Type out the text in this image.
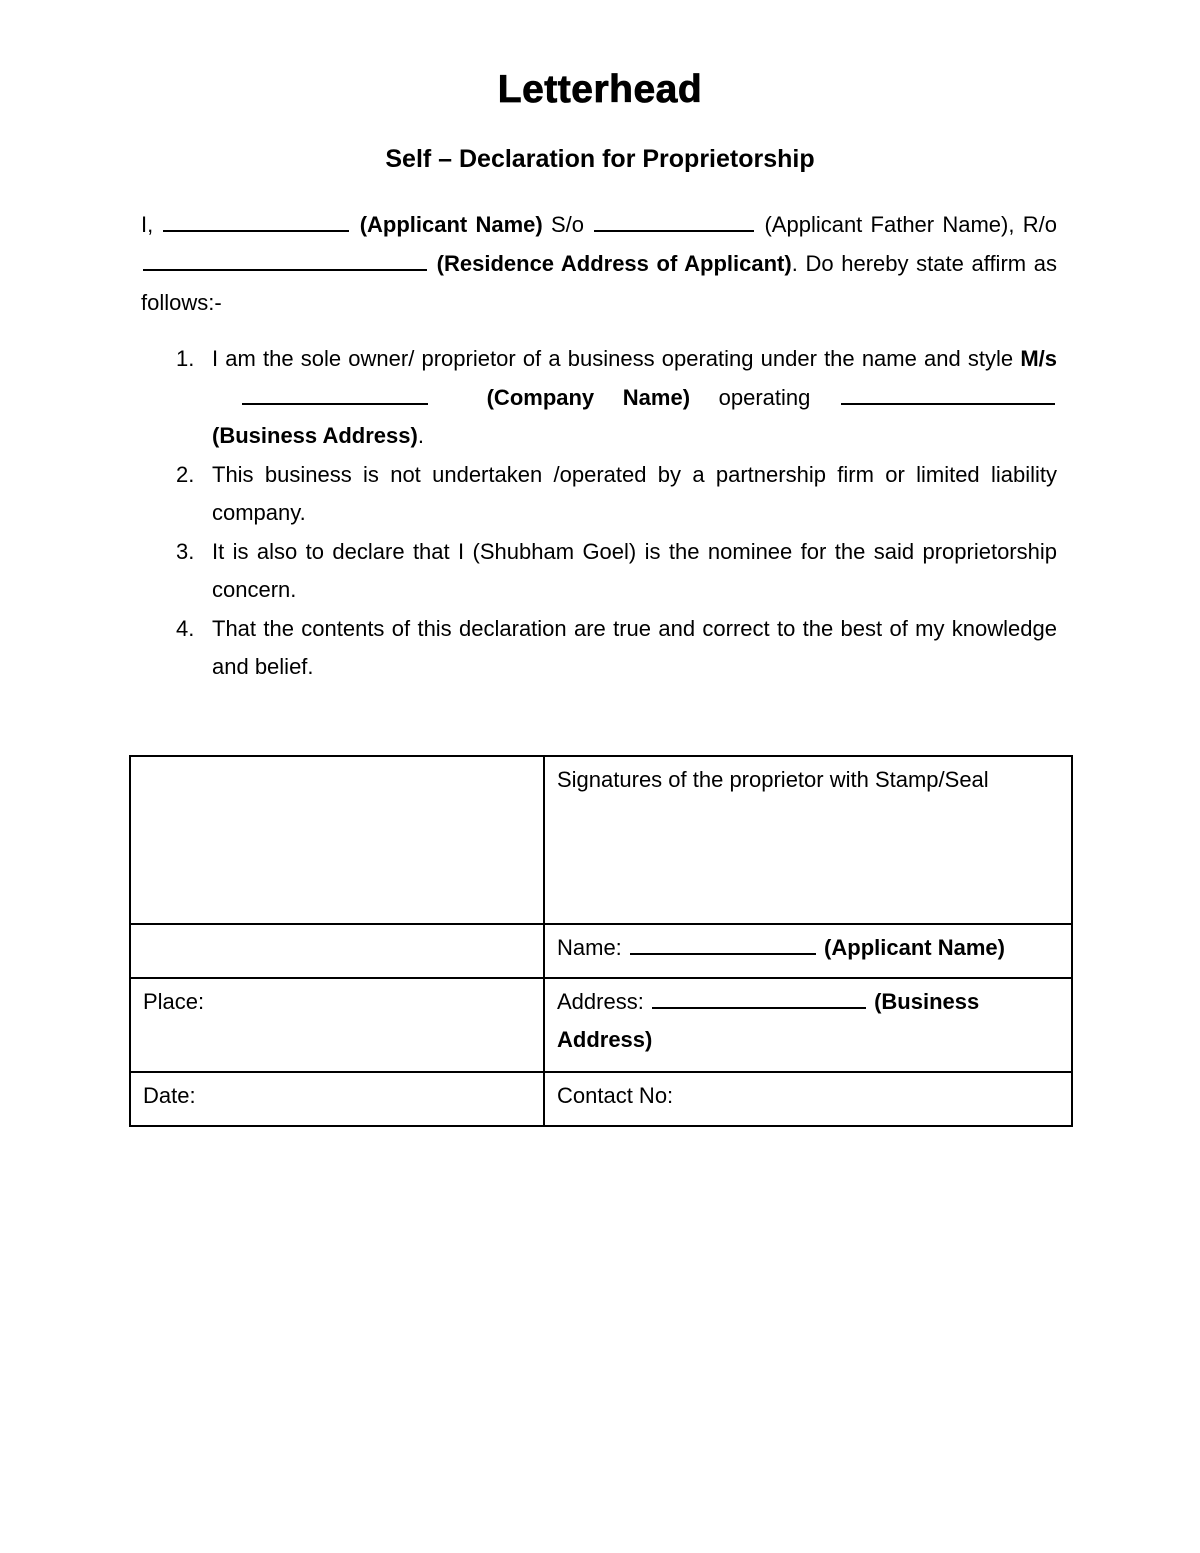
Letterhead
Self – Declaration for Proprietorship
I,	(Applicant Name) S/o	(Applicant Father Name), R/o  (Residence Address of Applicant). Do hereby state affirm as follows:-
1. I am the sole owner/ proprietor of a business operating under the name and style M/s  (Company Name) operating  (Business Address).
2. This business is not undertaken /operated by a partnership firm or limited liability company.
3. It is also to declare that I (Shubham Goel) is the nominee for the said proprietorship concern.
4. That the contents of this declaration are true and correct to the best of my knowledge and belief.
	Signatures of the proprietor with Stamp/Seal
	Name: (Applicant Name)
Place:	Address: (Business Address)
Date:	Contact No:
